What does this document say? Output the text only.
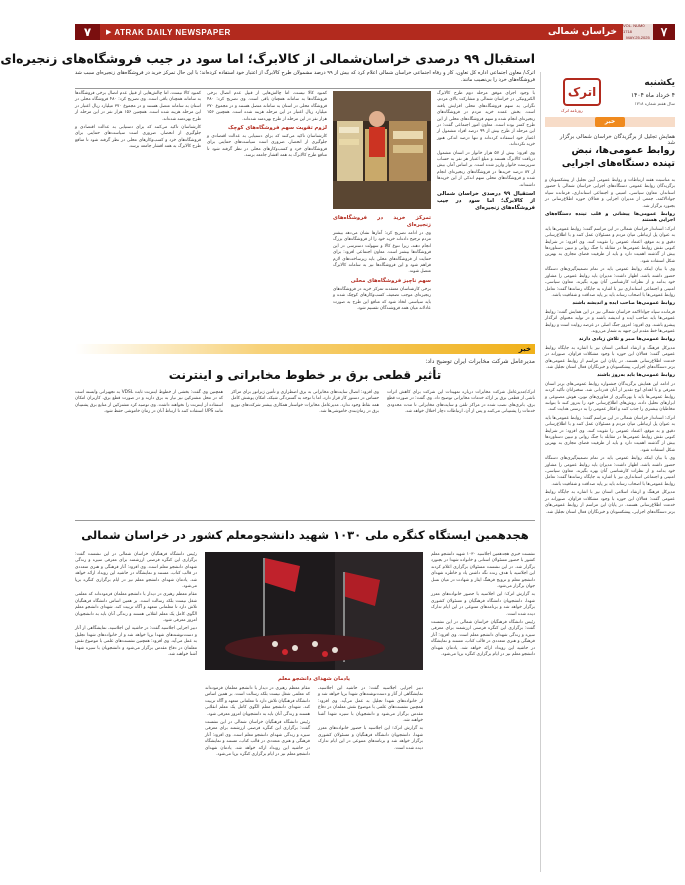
۷ ▶ ATRAK DAILY NEWSPAPER	خراسان شمالی
VOL. NUM0 1718
MAY.25.2025 ۷
استقبال ۹۹ درصدی خراسان‌شمالی از کالابرگ؛ اما سود در جیب فروشگاه‌های زنجیره‌ای
اترک/ معاون اجتماعی اداره کل تعاون، کار و رفاه اجتماعی خراسان شمالی اعلام کرد که بیش از ۹۹ درصد مشمولان طرح کالابرگ از اعتبار خود استفاده کرده‌اند؛ با این حال تمرکز خرید در فروشگاه‌های زنجیره‌ای سبب شد فروشگاه‌های خرد را بی‌نصیب مانند.

با وجود اجرای موفق مرحله دوم طرح کالابرگ الکترونیکی در خراسان شمالی و مشارکت بالای مردم، نگرانی به سهم فروشگاه‌های محلی افزایش یافته است. بخش عمده خرید مردم در فروشگاه‌های زنجیره‌ای انجام شده و سهم فروشگاه‌های محلی از این طرح کمتر بوده است. معاون امور اجتماعی گفت: در این مرحله از طرح بیش از ۹۹ درصد افراد مشمول از اعتبار خود استفاده کرده‌اند و تنها درصد اندکی هنوز خرید نکرده‌اند.

وی افزود: بیش از ۵۷ هزار خانوار در استان مشمول دریافت کالابرگ هستند و مبلغ اعتبار هر نفر به حساب سرپرست خانوار واریز شده است. بر اساس آمار، بیش از ۸۷ درصد خریدها در فروشگاه‌های زنجیره‌ای انجام شده و فروشگاه‌های محلی سهم اندکی از این خریدها داشته‌اند.

استقبال ۹۹ درصدی خراسان شمالی از کالابرگ؛ اما سود در جیب فروشگاه‌های زنجیره‌ای
تمرکز خرید در فروشگاه‌های زنجیره‌ای

وی در ادامه تصریح کرد: آمارها نشان می‌دهد بیشتر مردم ترجیح داده‌اند خرید خود را از فروشگاه‌های بزرگ انجام دهند، زیرا تنوع کالا و سهولت دسترسی در این فروشگاه‌ها بیشتر است. معاون اجتماعی افزود: برای حمایت از فروشگاه‌های محلی باید زیرساخت‌های لازم فراهم شود و این فروشگاه‌ها نیز به سامانه کالابرگ متصل شوند.

سهم ناچیز فروشگاه‌های محلی

برخی کارشناسان معتقدند تمرکز خرید در فروشگاه‌های زنجیره‌ای موجب تضعیف کسب‌وکارهای کوچک شده و باید سیاستی اتخاذ شود که منافع این طرح به صورت عادلانه میان همه فروشندگان تقسیم شود.

کمبود کالا نیست، اما چالش‌هایی از قبیل عدم اتصال برخی فروشگاه‌ها به سامانه همچنان باقی است. وی تصریح کرد: ۴۸۰ فروشگاه محلی در استان به سامانه متصل هستند و در مجموع ۳۷۰ میلیارد ریال اعتبار در این مرحله هزینه شده است. همچنین ۱۵۶ هزار نفر در این مرحله از طرح بهره‌مند شده‌اند.

لزوم تقویت سهم فروشگاه‌های کوچک

کارشناسان تاکید می‌کنند که برای دستیابی به عدالت اقتصادی و جلوگیری از انحصار، ضروری است سیاست‌های حمایتی برای فروشگاه‌های خرد و کسب‌وکارهای محلی در نظر گرفته شود تا منافع طرح کالابرگ به همه اقشار جامعه برسد.

کمبود کالا نیست، اما چالش‌هایی از قبیل عدم اتصال برخی فروشگاه‌ها به سامانه همچنان باقی است. وی تصریح کرد: ۴۸۰ فروشگاه محلی در استان به سامانه متصل هستند و در مجموع ۳۷۰ میلیارد ریال اعتبار در این مرحله هزینه شده است. همچنین ۱۵۶ هزار نفر در این مرحله از طرح بهره‌مند شده‌اند.

کارشناسان تاکید می‌کنند که برای دستیابی به عدالت اقتصادی و جلوگیری از انحصار، ضروری است سیاست‌های حمایتی برای فروشگاه‌های خرد و کسب‌وکارهای محلی در نظر گرفته شود تا منافع طرح کالابرگ به همه اقشار جامعه برسد.

خبر
مدیرعامل شرکت مخابرات ایران توضیح داد:
تأثیر قطعی برق بر خطوط مخابراتی و اینترنت

اترک/مدیرعامل شرکت مخابرات درباره تمهیدات این شرکت برای کاهش اثرات ناشی از قطعی برق بر ارائه خدمات مخابراتی توضیح داد. وی گفت: در صورت قطع برق، باتری‌های نصب شده در مراکز تلفن و سایت‌های مخابراتی تا مدت محدودی خدمات را پشتیبانی می‌کنند و پس از آن، ارتباطات دچار اختلال خواهد شد.

وی افزود: اتصال سایت‌های مخابراتی به برق اضطراری و تأمین ژنراتور برای مراکز حساس در دستور کار قرار دارد، اما با توجه به گستردگی شبکه، امکان پوشش کامل همه نقاط وجود ندارد. مدیرعامل مخابرات خواستار همکاری بیشتر شرکت‌های توزیع برق در زمان‌بندی خاموشی‌ها شد.

همچنین وی گفت: بخشی از خطوط اینترنت ثابت VDSL به تجهیزاتی وابسته است که در محل مشترکین نیز نیاز به برق دارند و در صورت قطع برق، کاربران امکان استفاده از اینترنت را نخواهند داشت. وی توصیه کرد مشترکین از منابع برق پشتیبان مانند UPS استفاده کنند تا ارتباط آنان در زمان خاموشی حفظ شود.

هجدهمین ایستگاه کنگره ملی ۱۰۳۰ شهید دانشجومعلم کشور در خراسان شمالی

نشست خبری هجدهمین اجلاسیه ۱۰۳۰ شهید دانشجو معلم کشور با حضور مسئولان استانی و خانواده شهدا در بجنورد برگزار شد. در این نشست مسئولان برگزاری اعلام کردند این اجلاسیه با هدف زنده نگه داشتن یاد و خاطره شهدای دانشجو معلم و ترویج فرهنگ ایثار و شهادت در میان نسل جوان برگزار می‌شود.

به گزارش اترک؛ این اجلاسیه با حضور خانواده‌های معزز شهدا، دانشجویان دانشگاه فرهنگیان و مسئولان کشوری برگزار خواهد شد و برنامه‌های متنوعی در این ایام تدارک دیده شده است.

رئیس دانشگاه فرهنگیان خراسان شمالی در این نشست گفت: برگزاری این کنگره فرصتی ارزشمند برای معرفی سیره و زندگی شهدای دانشجو معلم است. وی افزود: آثار فرهنگی و هنری متعددی در قالب کتاب، مستند و نمایشگاه در حاشیه این رویداد ارائه خواهد شد. یادمان شهدای دانشجو معلم نیز در ایام برگزاری کنگره برپا می‌شود.

یادمان شهدای دانشجو معلم

دبیر اجرایی اجلاسیه گفت: در حاشیه این اجلاسیه، نمایشگاهی از آثار و دست‌نوشته‌های شهدا برپا خواهد شد و از خانواده‌های شهدا تجلیل به عمل می‌آید. وی افزود: همچنین نشست‌های علمی با موضوع نقش معلمان در دفاع مقدس برگزار می‌شود و دانشجویان با سیره شهدا آشنا خواهند شد.

به گزارش اترک؛ این اجلاسیه با حضور خانواده‌های معزز شهدا، دانشجویان دانشگاه فرهنگیان و مسئولان کشوری برگزار خواهد شد و برنامه‌های متنوعی در این ایام تدارک دیده شده است.

مقام معظم رهبری در دیدار با دانشجو معلمان فرموده‌اند که معلمی شغل نیست بلکه رسالت است. بر همین اساس دانشگاه فرهنگیان تلاش دارد تا معلمانی متعهد و آگاه تربیت کند. شهدای دانشجو معلم الگوی کامل یک معلم انقلابی هستند و زندگی آنان باید به دانشجویان امروز معرفی شود.

رئیس دانشگاه فرهنگیان خراسان شمالی در این نشست گفت: برگزاری این کنگره فرصتی ارزشمند برای معرفی سیره و زندگی شهدای دانشجو معلم است. وی افزود: آثار فرهنگی و هنری متعددی در قالب کتاب، مستند و نمایشگاه در حاشیه این رویداد ارائه خواهد شد. یادمان شهدای دانشجو معلم نیز در ایام برگزاری کنگره برپا می‌شود.

رئیس دانشگاه فرهنگیان خراسان شمالی در این نشست گفت: برگزاری این کنگره فرصتی ارزشمند برای معرفی سیره و زندگی شهدای دانشجو معلم است. وی افزود: آثار فرهنگی و هنری متعددی در قالب کتاب، مستند و نمایشگاه در حاشیه این رویداد ارائه خواهد شد. یادمان شهدای دانشجو معلم نیز در ایام برگزاری کنگره برپا می‌شود.

مقام معظم رهبری در دیدار با دانشجو معلمان فرموده‌اند که معلمی شغل نیست بلکه رسالت است. بر همین اساس دانشگاه فرهنگیان تلاش دارد تا معلمانی متعهد و آگاه تربیت کند. شهدای دانشجو معلم الگوی کامل یک معلم انقلابی هستند و زندگی آنان باید به دانشجویان امروز معرفی شود.

دبیر اجرایی اجلاسیه گفت: در حاشیه این اجلاسیه، نمایشگاهی از آثار و دست‌نوشته‌های شهدا برپا خواهد شد و از خانواده‌های شهدا تجلیل به عمل می‌آید. وی افزود: همچنین نشست‌های علمی با موضوع نقش معلمان در دفاع مقدس برگزار می‌شود و دانشجویان با سیره شهدا آشنا خواهند شد.

اترک
روزنامه اترک
یکشنبه
۴ خرداد ماه ۱۴۰۴
سال هفتم شماره ۱۷۱۸
خبر
همایش تجلیل از برگزیدگان خراسان شمالی برگزار شد
روابط عمومی‌ها، نبض تپنده دستگاه‌های اجرایی

به مناسبت هفته ارتباطات و روابط عمومی آیین تجلیل از پیشکسوتان و برگزیدگان روابط عمومی دستگاه‌های اجرایی خراسان شمالی با حضور استاندار، معاون سیاسی، امنیتی و اجتماعی استانداری، فرمانده سپاه جواد‌الائمه، جمعی از مدیران اجرایی و فعالان حوزه اطلاع‌رسانی در بجنورد برگزار شد.

روابط عمومی‌ها پیشانی و قلب تپنده دستگاه‌های اجرایی هستند

اترک: استاندار خراسان شمالی در این مراسم گفت: روابط عمومی‌ها باید به عنوان پل ارتباطی میان مردم و مسئولان عمل کنند و با اطلاع‌رسانی دقیق و به موقع، اعتماد عمومی را تقویت کنند. وی افزود: در شرایط کنونی نقش روابط عمومی‌ها در مقابله با جنگ روانی و تبیین دستاوردها بیش از گذشته اهمیت دارد و باید از ظرفیت فضای مجازی به بهترین شکل استفاده شود.

وی با بیان اینکه روابط عمومی باید در تمام تصمیم‌گیری‌های دستگاه حضور داشته باشد، اظهار داشت: مدیران باید روابط عمومی را مشاور خود بدانند و از نظرات کارشناسی آنان بهره بگیرند. معاون سیاسی، امنیتی و اجتماعی استانداری نیز با اشاره به جایگاه رسانه‌ها گفت: تعامل روابط عمومی‌ها با اصحاب رسانه باید بر پایه صداقت و شفافیت باشد.

روابط عمومی‌ها صاحب ایده و اندیشه باشند

فرمانده سپاه جواد‌الائمه خراسان شمالی نیز در این همایش گفت: روابط عمومی‌ها باید صاحب ایده و اندیشه باشند و در تولید محتوای اثرگذار پیشرو باشند. وی افزود: امروز جنگ اصلی در عرصه روایت است و روابط عمومی‌ها خط مقدم این جبهه به شمار می‌روند.

روابط عمومی‌ها صبر و تلاش زیادی دارند

مدیرکل فرهنگ و ارشاد اسلامی استان نیز با اشاره به جایگاه روابط عمومی گفت: فعالان این حوزه با وجود مشکلات فراوان، صبورانه در خدمت اطلاع‌رسانی هستند. در پایان این مراسم از روابط عمومی‌های برتر دستگاه‌های اجرایی، پیشکسوتان و خبرنگاران فعال استان تجلیل شد.

روابط عمومی‌ها باید به‌روز باشند

در ادامه این همایش برگزیدگان جشنواره روابط عمومی‌های برتر استان معرفی و با اهدای لوح تقدیر از آنان قدردانی شد. سخنرانان تأکید کردند روابط عمومی‌ها باید با بهره‌گیری از فناوری‌های نوین، هوش مصنوعی و ابزارهای تحلیل داده، روش‌های اطلاع‌رسانی خود را به‌روز کنند تا بتوانند مخاطبان بیشتری را جذب کنند و افکار عمومی را به درستی هدایت کنند.

اترک: استاندار خراسان شمالی در این مراسم گفت: روابط عمومی‌ها باید به عنوان پل ارتباطی میان مردم و مسئولان عمل کنند و با اطلاع‌رسانی دقیق و به موقع، اعتماد عمومی را تقویت کنند. وی افزود: در شرایط کنونی نقش روابط عمومی‌ها در مقابله با جنگ روانی و تبیین دستاوردها بیش از گذشته اهمیت دارد و باید از ظرفیت فضای مجازی به بهترین شکل استفاده شود.

وی با بیان اینکه روابط عمومی باید در تمام تصمیم‌گیری‌های دستگاه حضور داشته باشد، اظهار داشت: مدیران باید روابط عمومی را مشاور خود بدانند و از نظرات کارشناسی آنان بهره بگیرند. معاون سیاسی، امنیتی و اجتماعی استانداری نیز با اشاره به جایگاه رسانه‌ها گفت: تعامل روابط عمومی‌ها با اصحاب رسانه باید بر پایه صداقت و شفافیت باشد.

مدیرکل فرهنگ و ارشاد اسلامی استان نیز با اشاره به جایگاه روابط عمومی گفت: فعالان این حوزه با وجود مشکلات فراوان، صبورانه در خدمت اطلاع‌رسانی هستند. در پایان این مراسم از روابط عمومی‌های برتر دستگاه‌های اجرایی، پیشکسوتان و خبرنگاران فعال استان تجلیل شد.
